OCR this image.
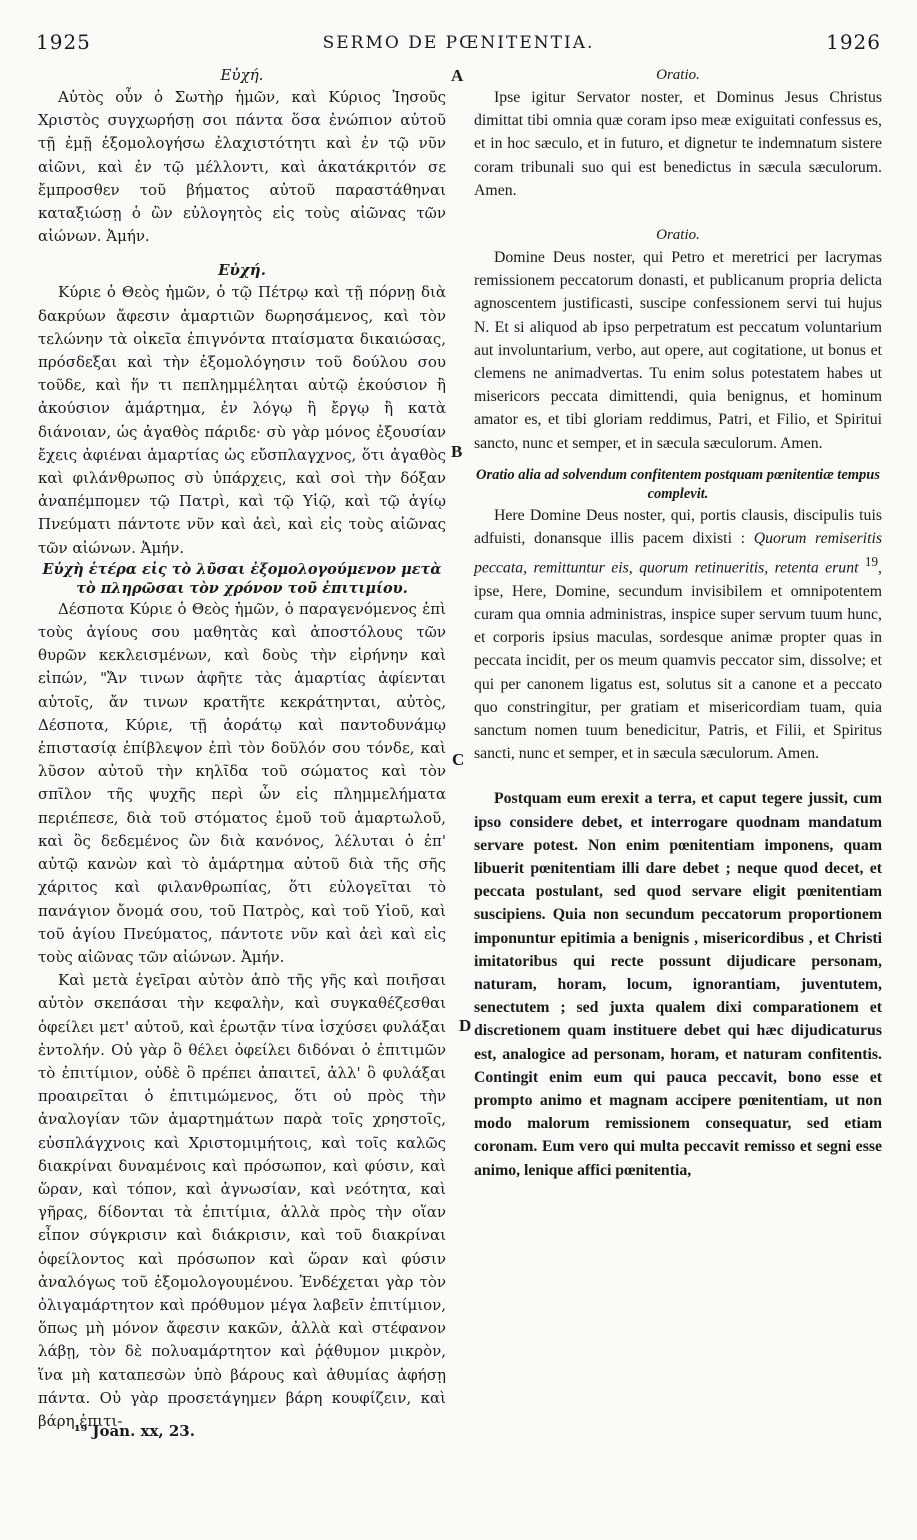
1925	SERMO DE PŒNITENTIA.	1926
A
B
C
D
Εὐχή.

Αὐτὸς οὖν ὁ Σωτὴρ ἡμῶν, καὶ Κύριος Ἰησοῦς Χριστὸς συγχωρήσῃ σοι πάντα ὅσα ἐνώπιον αὐτοῦ τῇ ἐμῇ ἐξομολογήσω ἐλαχιστότητι καὶ ἐν τῷ νῦν αἰῶνι, καὶ ἐν τῷ μέλλοντι, καὶ ἀκατάκριτόν σε ἔμπροσθεν τοῦ βήματος αὐτοῦ παραστάθηναι καταξιώσῃ ὁ ὢν εὐλογητὸς εἰς τοὺς αἰῶνας τῶν αἰώνων. Ἀμήν.

Εὐχή.

Κύριε ὁ Θεὸς ἡμῶν, ὁ τῷ Πέτρῳ καὶ τῇ πόρνῃ διὰ δακρύων ἄφεσιν ἁμαρτιῶν δωρησάμενος, καὶ τὸν τελώνην τὰ οἰκεῖα ἐπιγνόντα πταίσματα δικαιώσας, πρόσδεξαι καὶ τὴν ἐξομολόγησιν τοῦ δούλου σου τοῦδε, καὶ ἥν τι πεπλημμέληται αὐτῷ ἑκούσιον ἢ ἀκούσιον ἁμάρτημα, ἐν λόγῳ ἢ ἔργῳ ἢ κατὰ διάνοιαν, ὡς ἀγαθὸς πάριδε· σὺ γὰρ μόνος ἐξουσίαν ἔχεις ἀφιέναι ἁμαρτίας ὡς εὔσπλαγχνος, ὅτι ἀγαθὸς καὶ φιλάνθρωπος σὺ ὑπάρχεις, καὶ σοὶ τὴν δόξαν ἀναπέμπομεν τῷ Πατρὶ, καὶ τῷ Υἱῷ, καὶ τῷ ἁγίῳ Πνεύματι πάντοτε νῦν καὶ ἀεὶ, καὶ εἰς τοὺς αἰῶνας τῶν αἰώνων. Ἀμήν.

Εὐχὴ ἑτέρα εἰς τὸ λῦσαι ἐξομολογούμενον μετὰ τὸ πληρῶσαι τὸν χρόνον τοῦ ἐπιτιμίου.

Δέσποτα Κύριε ὁ Θεὸς ἡμῶν, ὁ παραγενόμενος ἐπὶ τοὺς ἁγίους σου μαθητὰς καὶ ἀποστόλους τῶν θυρῶν κεκλεισμένων, καὶ δοὺς τὴν εἰρήνην καὶ εἰπών, "Ἄν τινων ἀφῆτε τὰς ἁμαρτίας ἀφίενται αὐτοῖς, ἄν τινων κρατῆτε κεκράτηνται, αὐτὸς, Δέσποτα, Κύριε, τῇ ἀοράτῳ καὶ παντοδυνάμῳ ἐπιστασίᾳ ἐπίβλεψον ἐπὶ τὸν δοῦλόν σου τόνδε, καὶ λῦσον αὐτοῦ τὴν κηλῖδα τοῦ σώματος καὶ τὸν σπῖλον τῆς ψυχῆς περὶ ὧν εἰς πλημμελήματα περιέπεσε, διὰ τοῦ στόματος ἐμοῦ τοῦ ἁμαρτωλοῦ, καὶ ὃς δεδεμένος ὢν διὰ κανόνος, λέλυται ὁ ἐπ' αὐτῷ κανὼν καὶ τὸ ἁμάρτημα αὐτοῦ διὰ τῆς σῆς χάριτος καὶ φιλανθρωπίας, ὅτι εὐλογεῖται τὸ πανάγιον ὄνομά σου, τοῦ Πατρὸς, καὶ τοῦ Υἱοῦ, καὶ τοῦ ἁγίου Πνεύματος, πάντοτε νῦν καὶ ἀεὶ καὶ εἰς τοὺς αἰῶνας τῶν αἰώνων. Ἀμήν.

Καὶ μετὰ ἐγεῖραι αὐτὸν ἀπὸ τῆς γῆς καὶ ποιῆσαι αὐτὸν σκεπάσαι τὴν κεφαλὴν, καὶ συγκαθέζεσθαι ὀφείλει μετ' αὐτοῦ, καὶ ἐρωτᾷν τίνα ἰσχύσει φυλάξαι ἐντολήν. Οὐ γὰρ ὃ θέλει ὀφείλει διδόναι ὁ ἐπιτιμῶν τὸ ἐπιτίμιον, οὐδὲ ὃ πρέπει ἀπαιτεῖ, ἀλλ' ὃ φυλάξαι προαιρεῖται ὁ ἐπιτιμώμενος, ὅτι οὐ πρὸς τὴν ἀναλογίαν τῶν ἁμαρτημάτων παρὰ τοῖς χρηστοῖς, εὐσπλάγχνοις καὶ Χριστομιμήτοις, καὶ τοῖς καλῶς διακρίναι δυναμένοις καὶ πρόσωπον, καὶ φύσιν, καὶ ὥραν, καὶ τόπον, καὶ ἀγνωσίαν, καὶ νεότητα, καὶ γῆρας, δίδονται τὰ ἐπιτίμια, ἀλλὰ πρὸς τὴν οἵαν εἶπον σύγκρισιν καὶ διάκρισιν, καὶ τοῦ διακρίναι ὀφείλοντος καὶ πρόσωπον καὶ ὥραν καὶ φύσιν ἀναλόγως τοῦ ἐξομολογουμένου. Ἐνδέχεται γὰρ τὸν ὀλιγαμάρτητον καὶ πρόθυμον μέγα λαβεῖν ἐπιτίμιον, ὅπως μὴ μόνον ἄφεσιν κακῶν, ἀλλὰ καὶ στέφανον λάβῃ, τὸν δὲ πολυαμάρτητον καὶ ῥᾴθυμον μικρὸν, ἵνα μὴ καταπεσὼν ὑπὸ βάρους καὶ ἀθυμίας ἀφήσῃ πάντα. Οὐ γὰρ προσετάγημεν βάρη κουφίζειν, καὶ βάρη ἐπιτι-

Oratio.

Ipse igitur Servator noster, et Dominus Jesus Christus dimittat tibi omnia quæ coram ipso meæ exiguitati confessus es, et in hoc sæculo, et in futuro, et dignetur te indemnatum sistere coram tribunali suo qui est benedictus in sæcula sæculorum. Amen.

Oratio.

Domine Deus noster, qui Petro et meretrici per lacrymas remissionem peccatorum donasti, et publicanum propria delicta agnoscentem justificasti, suscipe confessionem servi tui hujus N. Et si aliquod ab ipso perpetratum est peccatum voluntarium aut involuntarium, verbo, aut opere, aut cogitatione, ut bonus et clemens ne animadvertas. Tu enim solus potestatem habes ut misericors peccata dimittendi, quia benignus, et hominum amator es, et tibi gloriam reddimus, Patri, et Filio, et Spiritui sancto, nunc et semper, et in sæcula sæculorum. Amen.

Oratio alia ad solvendum confitentem postquam pœnitentiæ tempus complevit.

Here Domine Deus noster, qui, portis clausis, discipulis tuis adfuisti, donansque illis pacem dixisti : Quorum remiseritis peccata, remittuntur eis, quorum retinueritis, retenta erunt $^{19}$, ipse, Here, Domine, secundum invisibilem et omnipotentem curam qua omnia administras, inspice super servum tuum hunc, et corporis ipsius maculas, sordesque animæ propter quas in peccata incidit, per os meum quamvis peccator sim, dissolve; et qui per canonem ligatus est, solutus sit a canone et a peccato quo constringitur, per gratiam et misericordiam tuam, quia sanctum nomen tuum benedicitur, Patris, et Filii, et Spiritus sancti, nunc et semper, et in sæcula sæculorum. Amen.

Postquam eum erexit a terra, et caput tegere jussit, cum ipso considere debet, et interrogare quodnam mandatum servare potest. Non enim pœnitentiam imponens, quam libuerit pœnitentiam illi dare debet ; neque quod decet, et peccata postulant, sed quod servare eligit pœnitentiam suscipiens. Quia non secundum peccatorum proportionem imponuntur epitimia a benignis , misericordibus , et Christi imitatoribus qui recte possunt dijudicare personam, naturam, horam, locum, ignorantiam, juventutem, senectutem ; sed juxta qualem dixi comparationem et discretionem quam instituere debet qui hæc dijudicaturus est, analogice ad personam, horam, et naturam confitentis. Contingit enim eum qui pauca peccavit, bono esse et prompto animo et magnam accipere pœnitentiam, ut non modo malorum remissionem consequatur, sed etiam coronam. Eum vero qui multa peccavit remisso et segni esse animo, lenique affici pœnitentia,

¹⁹ Joan. xx, 23.
